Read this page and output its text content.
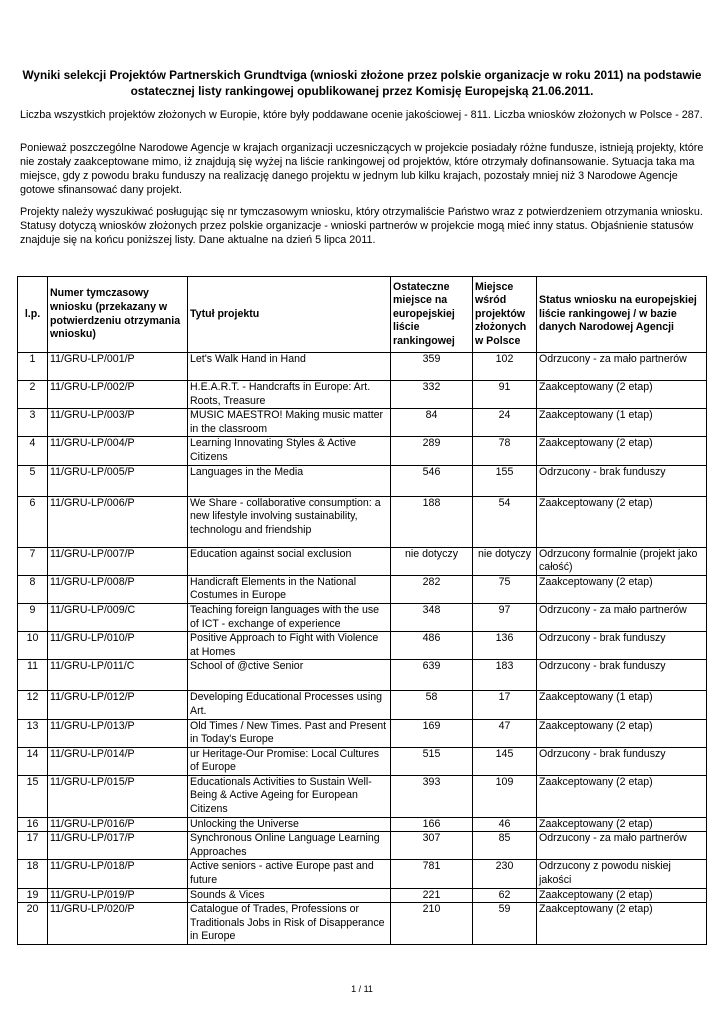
Wyniki selekcji Projektów Partnerskich Grundtviga (wnioski złożone przez polskie organizacje w roku 2011) na podstawie ostatecznej listy rankingowej opublikowanej przez Komisję Europejską 21.06.2011.
Liczba wszystkich projektów złożonych w Europie, które były poddawane ocenie jakościowej - 811. Liczba wniosków złożonych w Polsce - 287.
Ponieważ poszczególne Narodowe Agencje w krajach organizacji uczesniczących w projekcie posiadały różne fundusze, istnieją projekty, które nie zostały zaakceptowane mimo, iż znajdują się wyżej na liście rankingowej od projektów, które otrzymały dofinansowanie. Sytuacja taka ma miejsce, gdy z powodu braku funduszy na realizację danego projektu w jednym lub kilku krajach, pozostały mniej niż 3 Narodowe Agencje gotowe sfinansować dany projekt.
Projekty należy wyszukiwać posługując się nr tymczasowym wniosku, który otrzymaliście Państwo wraz z potwierdzeniem otrzymania wniosku. Statusy dotyczą wniosków złożonych przez polskie organizacje - wnioski partnerów w projekcie mogą mieć inny status. Objaśnienie statusów znajduje się na końcu poniższej listy. Dane aktualne na dzień 5 lipca 2011.
l.p.	Numer tymczasowy wniosku (przekazany w potwierdzeniu otrzymania wniosku)	Tytuł projektu	Ostateczne miejsce na europejskiej liście rankingowej	Miejsce wśród projektów złożonych w Polsce	Status wniosku na europejskiej liście rankingowej / w bazie danych Narodowej Agencji
1	11/GRU-LP/001/P	Let's Walk Hand in Hand	359	102	Odrzucony - za mało partnerów
2	11/GRU-LP/002/P	H.E.A.R.T. - Handcrafts in Europe: Art. Roots, Treasure	332	91	Zaakceptowany (2 etap)
3	11/GRU-LP/003/P	MUSIC MAESTRO! Making music matter in the classroom	84	24	Zaakceptowany (1 etap)
4	11/GRU-LP/004/P	Learning Innovating Styles & Active Citizens	289	78	Zaakceptowany (2 etap)
5	11/GRU-LP/005/P	Languages in the Media	546	155	Odrzucony - brak funduszy
6	11/GRU-LP/006/P	We Share - collaborative consumption: a new lifestyle involving sustainability, technologu and friendship	188	54	Zaakceptowany (2 etap)
7	11/GRU-LP/007/P	Education against social exclusion	nie dotyczy	nie dotyczy	Odrzucony formalnie (projekt jako całość)
8	11/GRU-LP/008/P	Handicraft Elements in the National Costumes in Europe	282	75	Zaakceptowany (2 etap)
9	11/GRU-LP/009/C	Teaching foreign languages with the use of ICT - exchange of experience	348	97	Odrzucony - za mało partnerów
10	11/GRU-LP/010/P	Positive Approach to Fight with Violence at Homes	486	136	Odrzucony - brak funduszy
11	11/GRU-LP/011/C	School of @ctive Senior	639	183	Odrzucony - brak funduszy
12	11/GRU-LP/012/P	Developing Educational Processes using Art.	58	17	Zaakceptowany (1 etap)
13	11/GRU-LP/013/P	Old Times / New Times. Past and Present in Today's Europe	169	47	Zaakceptowany (2 etap)
14	11/GRU-LP/014/P	ur Heritage-Our Promise: Local Cultures of Europe	515	145	Odrzucony - brak funduszy
15	11/GRU-LP/015/P	Educationals Activities to Sustain Well-Being & Active Ageing for European Citizens	393	109	Zaakceptowany (2 etap)
16	11/GRU-LP/016/P	Unlocking the Universe	166	46	Zaakceptowany (2 etap)
17	11/GRU-LP/017/P	Synchronous Online Language Learning Approaches	307	85	Odrzucony - za mało partnerów
18	11/GRU-LP/018/P	Active seniors - active Europe past and future	781	230	Odrzucony z powodu niskiej jakości
19	11/GRU-LP/019/P	Sounds & Vices	221	62	Zaakceptowany (2 etap)
20	11/GRU-LP/020/P	Catalogue of Trades, Professions or Traditionals Jobs in Risk of Disapperance in Europe	210	59	Zaakceptowany (2 etap)
1 / 11
